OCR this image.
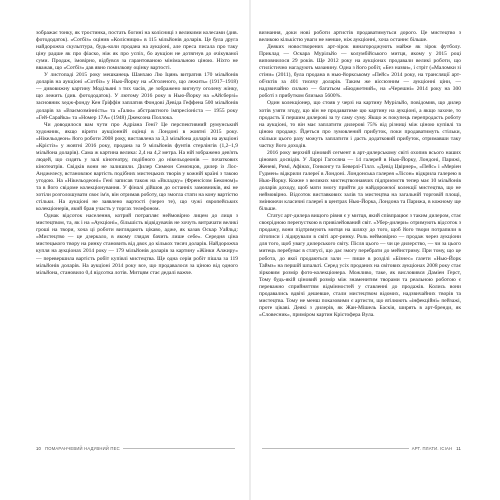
зображає тонку, як тростинка, постать богині на колісниці з великими колесами (див. фотододаток). «Сотбіз» оцінив «Колісницю» в 115 мільйонів доларів. Це була друга найдорожча скульптура, будь-коли продана на аукціоні, але преса писала про таку ціну радше як про фіаско, ніж як про успіх, бо аукціон не дотягнув до очікуваної суми. Продаж, імовірно, відбувся за гарантованою мінімальною ціною. Ніхто не вважав, що «Сотбіз» дав явно помилкову оцінку вартості.

У листопаді 2015 року мешканець Шанхаю Лю Іцянь витратив 170 мільйонів доларів на аукціоні «Сотбіз» у Нью-Йорку на «Оголеного, що лежить» (1917–1918) — дивовижну картину Модільяні з тих часів, де зображено вигнуту оголену жінку, що лежить (див. фотододаток). У лютому 2016 року в Нью-Йорку на «Айсберзі» засновник хедж-фонду Кен Ґріффін заплатив Фондові Девіда Геффена 500 мільйонів доларів за «Взаємозмінність» та «Ґалю» абстрактного імпресіоніста — 1955 року «Гей-Сарайка» та «Номер 17А» (1948) Джексона Поллока.

Чи доводилося вам чути про Адріана Гені? Це перспективний румунський художник, якщо вірити аукціонній оцінці в Лондоні в жовтні 2015 року. «Нікельодеон» його роботи 2008 року, виставлена за 3,3 мільйона доларів на аукціоні «Крістіз» у жовтні 2016 року, продана за 9 мільйонів фунтів стерлінгів (1,2–1,9 мільйона доларів). Сама ж картина велика: 2,4 на 4,2 метра. На ній зображено дев'ять людей, що сидять у залі кінотеатру, подібного до нікельодеонів — початкових кінотеатрів. Свідків вони не залишили. Дилер Симеон Семєнцов, дилер із Лос-Анджелесу, встановлює вартість подібних мистецьких творів у кожній країні з такою угодою. На «Нікельодеоні» Гені записав також на «Вкладку» (Френсісом Беконом)» та в його свідоме колекціонування. У фіналі дійшов до останніх замовників, які не хотіли розголошувати своє ім'я, він отримав роботу, що змогла стати на кону вартістю стільки. На аукціоні не заявлено вартості (через те), що чужі європейських колекціонерів, який брав участь у торгах телефоном.

Однак відсоток населення, котрий потрапляє неймовірно лицем до лиця з мистецтвом, та, як і на «Аукціоні», більшість відвідувачів не хочуть витрачати великі гроші на твори, хоча ці роботи виглядають цікаво, адже, як казав Оскар Уайльд: «Мистецтво — це дзеркало, в якому глядач бачить лише себе». Середня ціна мистецького твору на ринку становить від двох до кількох тисяч доларів. Найдорожча купля на аукціонах 2014 року — 179 мільйонів доларів за картину «Жінки Алжиру» — перевершила вартість робіт купівлі мистецтва. Ще одна серія робіт пішла за 119 мільйонів доларів. На аукціоні 2014 року все, що продавалося за ціною від одного мільйона, становило 0,4 відсотка лотів. Митцям стає дедалі важче.

10 ПОМАРАНЧЕВИЙ НАДУВНИЙ ПЕС

визнання, доки нові роботи артистів продаватимуться дорого. Це мистецтво з великою кількістю уваги не менше, ніж аукціонні, хоча останнє більше.

Деяких новостворених арт-зірок винагороджують майже як зірок футболу. Приклад — Оскара Мурільйо — колумбійського митця, якому у 2015 році виповнилося 29 років. Ще 2012 року на аукціонах продавали великі роботи, що стилістично нагадують мазанину. Одна з його робіт, «Без назви», і стріт («Маломки зі стіни» (2011), була продана в нью-йоркському «Пейс» 2014 року, на трансляції арт-об'єктів за 401 тисячу доларів. Таким же віссюзним — аукціонні ціни, — надзвичайно сильно — багатьом «Бюджетний», на «Черешні» 2014 року на 300 роботі з прибутком близько 5600%.

Один колекціонер, що стояв у черзі на картину Мурільйо, повідомив, що дилер хотів узяти згоду, що він не продаватиме цю картину на аукціоні, а якщо захоче, то продасть її першим дилерові за ту саму суму. Якщо ж покупець перепродасть роботу на аукціоні, то він має заплатити дилерові 75% від різниці між ціною купівлі та ціною продажу. Йдеться про зумовлений прибуток, поки продаватимуть стільки, скільки цього разу можуть заплатити і дасть додатковий прибуток, отримавши таку частку його доходів.

2016 року верхній ціновий сегмент в арт-дилерському світі охопив всього наших цінових досвідів. У Ларрі Гагосяна — 14 галерей в Нью-Йорку, Лондоні, Парижі, Женеві, Римі, Афінах, Гонконгу та Беверлі-Гіллз. «Девід Цвірнер», «Пейс» і «Меріен Гудмен» відкрили галереї в Лондоні. Лондонська галерея «Лісон» відкрила галерею в Нью-Йорку. Кожне з великих мистецтвознавчих підприємств тепер має 10 мільйонів доларів доходу, щоб мати змогу прийти до найдорожчої колекції мистецтва, що не неймовірно. Відсоток виставкових залів та мистецтва на загальній торговій площі, змінюючи класичні галереї в центрах Нью-Йорка, Лондона та Парижа, в кожному ще більше.

Статус арт-дилера вищого рівня є у митця, який співпрацює з таким дилером, стає своєрідною перепусткою в привілейований світ. «Убер-дилери» отримують відсоток з продажу, вони підтримують митця на шляху до того, щоб його твори потрапили в літописи і лідирували в світі арт-ринку. Роль неймовірно — продаж через аукціони для того, щоб увагу дилерського світу. Після цього — чи це дилерство, — чи за цього митець перебуває в статусі, що дає змогу перебрати до мейнстриму. При тому, що це робота, до якої продаються зали — пише в розділі «Бізнес» газети «Нью-Йорк Таймз» на першій шпальті. Серед усіх проданих на світових аукціонах 2008 року стає зірковим розмір фото-колекціонера. Можливо, таке, як висловився Даміен Герст, Тому будь-якій ціновий розмір між знаменитим творами та реальною роботою є переважно сприйняттям відмінностей у ставленні до продажів. Колись вони продавались вдвічі дешевше, стали мистецтвом відомих, надзвичайних творів та мистецтва. Тому не менш показовими є артисти, що втілюють «інфекційні» пейзажі, проте цікаві. Деякі з дилерів, як Жан-Мішель Баскія, ширять в арт-бренди, як «Словесник», приміром картин Крістофера Вула.

АРТ. ПЛАТИ. ІСІАН 11
